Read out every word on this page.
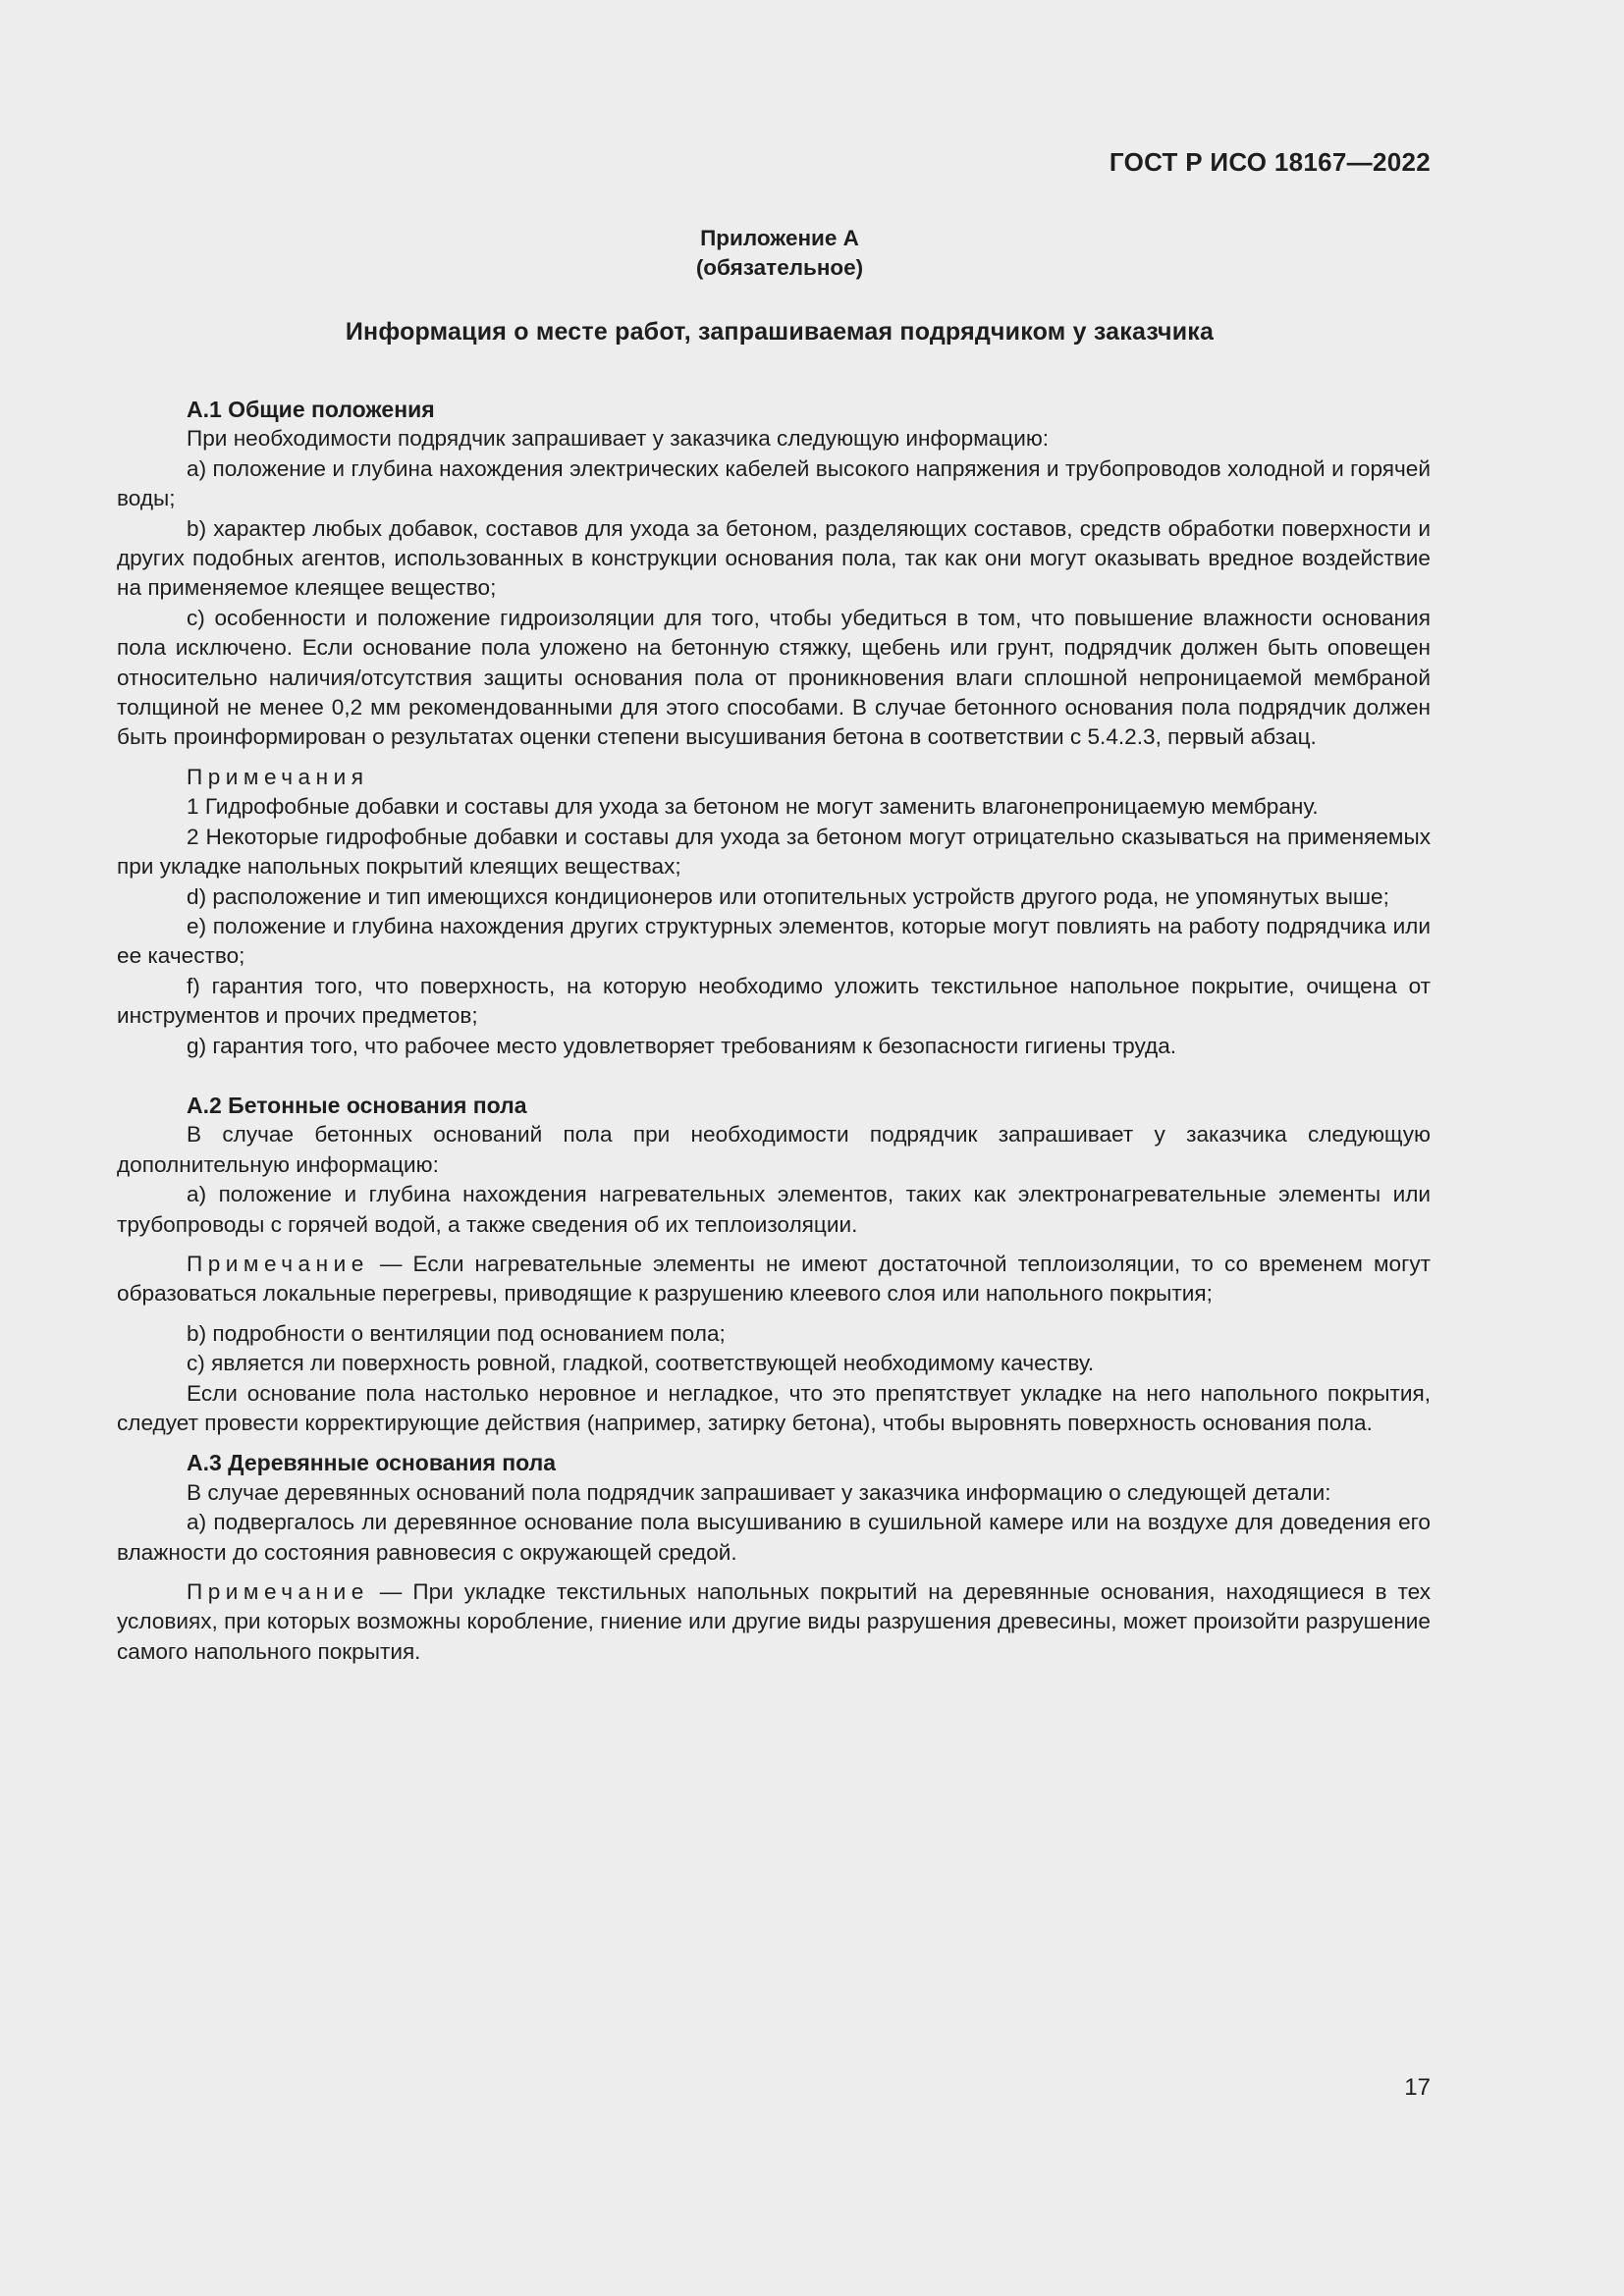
ГОСТ Р ИСО 18167—2022
Приложение А
(обязательное)
Информация о месте работ, запрашиваемая подрядчиком у заказчика
А.1 Общие положения

При необходимости подрядчик запрашивает у заказчика следующую информацию:

а) положение и глубина нахождения электрических кабелей высокого напряжения и трубопроводов холодной и горячей воды;

b) характер любых добавок, составов для ухода за бетоном, разделяющих составов, средств обработки поверхности и других подобных агентов, использованных в конструкции основания пола, так как они могут оказывать вредное воздействие на применяемое клеящее вещество;

с) особенности и положение гидроизоляции для того, чтобы убедиться в том, что повышение влажности основания пола исключено. Если основание пола уложено на бетонную стяжку, щебень или грунт, подрядчик должен быть оповещен относительно наличия/отсутствия защиты основания пола от проникновения влаги сплошной непроницаемой мембраной толщиной не менее 0,2 мм рекомендованными для этого способами. В случае бетонного основания пола подрядчик должен быть проинформирован о результатах оценки степени высушивания бетона в соответствии с 5.4.2.3, первый абзац.

Примечания

1 Гидрофобные добавки и составы для ухода за бетоном не могут заменить влагонепроницаемую мембрану.

2 Некоторые гидрофобные добавки и составы для ухода за бетоном могут отрицательно сказываться на применяемых при укладке напольных покрытий клеящих веществах;

d) расположение и тип имеющихся кондиционеров или отопительных устройств другого рода, не упомянутых выше;

е) положение и глубина нахождения других структурных элементов, которые могут повлиять на работу подрядчика или ее качество;

f) гарантия того, что поверхность, на которую необходимо уложить текстильное напольное покрытие, очищена от инструментов и прочих предметов;

g) гарантия того, что рабочее место удовлетворяет требованиям к безопасности гигиены труда.

А.2 Бетонные основания пола

В случае бетонных оснований пола при необходимости подрядчик запрашивает у заказчика следующую дополнительную информацию:

а) положение и глубина нахождения нагревательных элементов, таких как электронагревательные элементы или трубопроводы с горячей водой, а также сведения об их теплоизоляции.

Примечание — Если нагревательные элементы не имеют достаточной теплоизоляции, то со временем могут образоваться локальные перегревы, приводящие к разрушению клеевого слоя или напольного покрытия;

b) подробности о вентиляции под основанием пола;

с) является ли поверхность ровной, гладкой, соответствующей необходимому качеству.

Если основание пола настолько неровное и негладкое, что это препятствует укладке на него напольного покрытия, следует провести корректирующие действия (например, затирку бетона), чтобы выровнять поверхность основания пола.

А.3 Деревянные основания пола

В случае деревянных оснований пола подрядчик запрашивает у заказчика информацию о следующей детали:

а) подвергалось ли деревянное основание пола высушиванию в сушильной камере или на воздухе для доведения его влажности до состояния равновесия с окружающей средой.

Примечание — При укладке текстильных напольных покрытий на деревянные основания, находящиеся в тех условиях, при которых возможны коробление, гниение или другие виды разрушения древесины, может произойти разрушение самого напольного покрытия.

17
